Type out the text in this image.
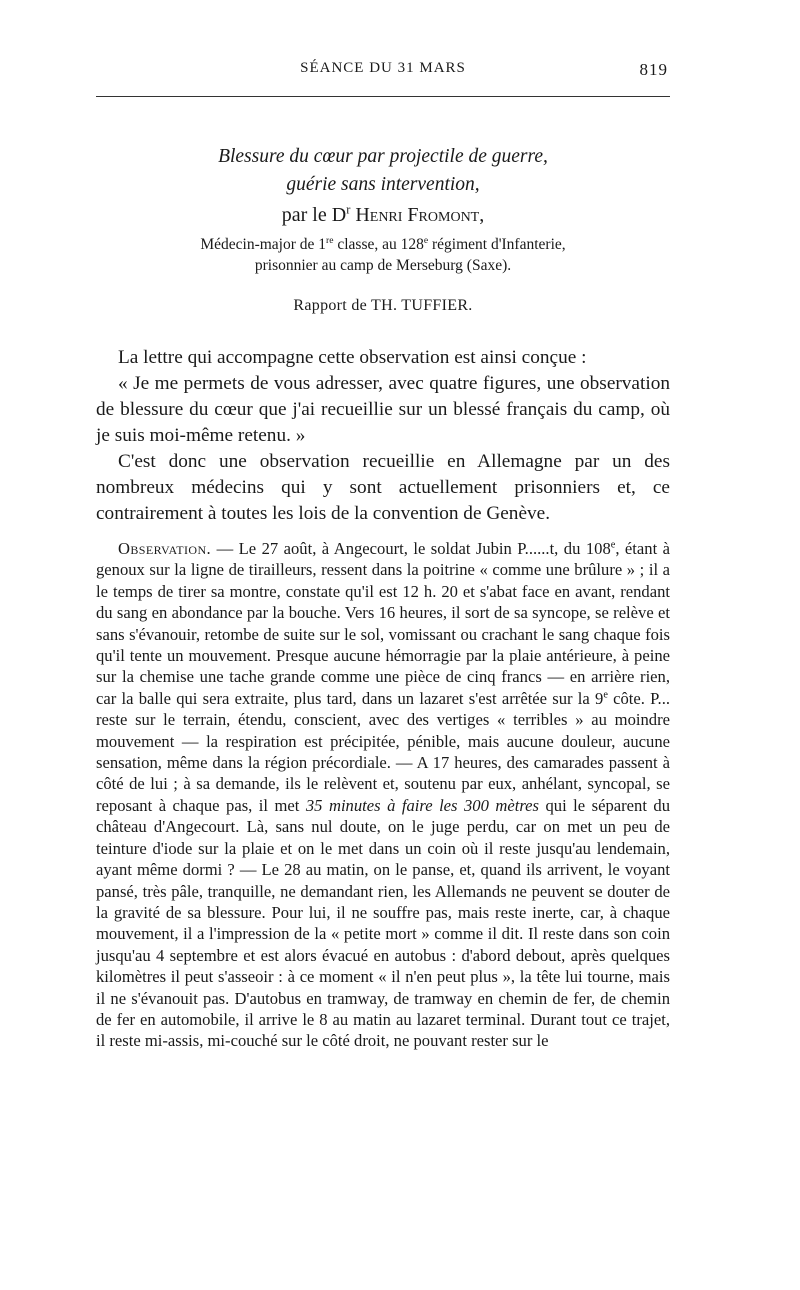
SÉANCE DU 31 MARS	819
Blessure du cœur par projectile de guerre,
guérie sans intervention,
par le $D^r$ Henri Fromont,
Médecin-major de 1re classe, au 128e régiment d'Infanterie,
prisonnier au camp de Merseburg (Saxe).
Rapport de TH. TUFFIER.

La lettre qui accompagne cette observation est ainsi conçue :

« Je me permets de vous adresser, avec quatre figures, une observation de blessure du cœur que j'ai recueillie sur un blessé français du camp, où je suis moi-même retenu. »

C'est donc une observation recueillie en Allemagne par un des nombreux médecins qui y sont actuellement prisonniers et, ce contrairement à toutes les lois de la convention de Genève.

Observation. — Le 27 août, à Angecourt, le soldat Jubin P......t, du 108e, étant à genoux sur la ligne de tirailleurs, ressent dans la poitrine « comme une brûlure » ; il a le temps de tirer sa montre, constate qu'il est 12 h. 20 et s'abat face en avant, rendant du sang en abondance par la bouche. Vers 16 heures, il sort de sa syncope, se relève et sans s'évanouir, retombe de suite sur le sol, vomissant ou crachant le sang chaque fois qu'il tente un mouvement. Presque aucune hémorragie par la plaie antérieure, à peine sur la chemise une tache grande comme une pièce de cinq francs — en arrière rien, car la balle qui sera extraite, plus tard, dans un lazaret s'est arrêtée sur la 9e côte. P... reste sur le terrain, étendu, conscient, avec des vertiges « terribles » au moindre mouvement — la respiration est précipitée, pénible, mais aucune douleur, aucune sensation, même dans la région précordiale. — A 17 heures, des camarades passent à côté de lui ; à sa demande, ils le relèvent et, soutenu par eux, anhélant, syncopal, se reposant à chaque pas, il met 35 minutes à faire les 300 mètres qui le séparent du château d'Angecourt. Là, sans nul doute, on le juge perdu, car on met un peu de teinture d'iode sur la plaie et on le met dans un coin où il reste jusqu'au lendemain, ayant même dormi ? — Le 28 au matin, on le panse, et, quand ils arrivent, le voyant pansé, très pâle, tranquille, ne demandant rien, les Allemands ne peuvent se douter de la gravité de sa blessure. Pour lui, il ne souffre pas, mais reste inerte, car, à chaque mouvement, il a l'impression de la « petite mort » comme il dit. Il reste dans son coin jusqu'au 4 septembre et est alors évacué en autobus : d'abord debout, après quelques kilomètres il peut s'asseoir : à ce moment « il n'en peut plus », la tête lui tourne, mais il ne s'évanouit pas. D'autobus en tramway, de tramway en chemin de fer, de chemin de fer en automobile, il arrive le 8 au matin au lazaret terminal. Durant tout ce trajet, il reste mi-assis, mi-couché sur le côté droit, ne pouvant rester sur le
